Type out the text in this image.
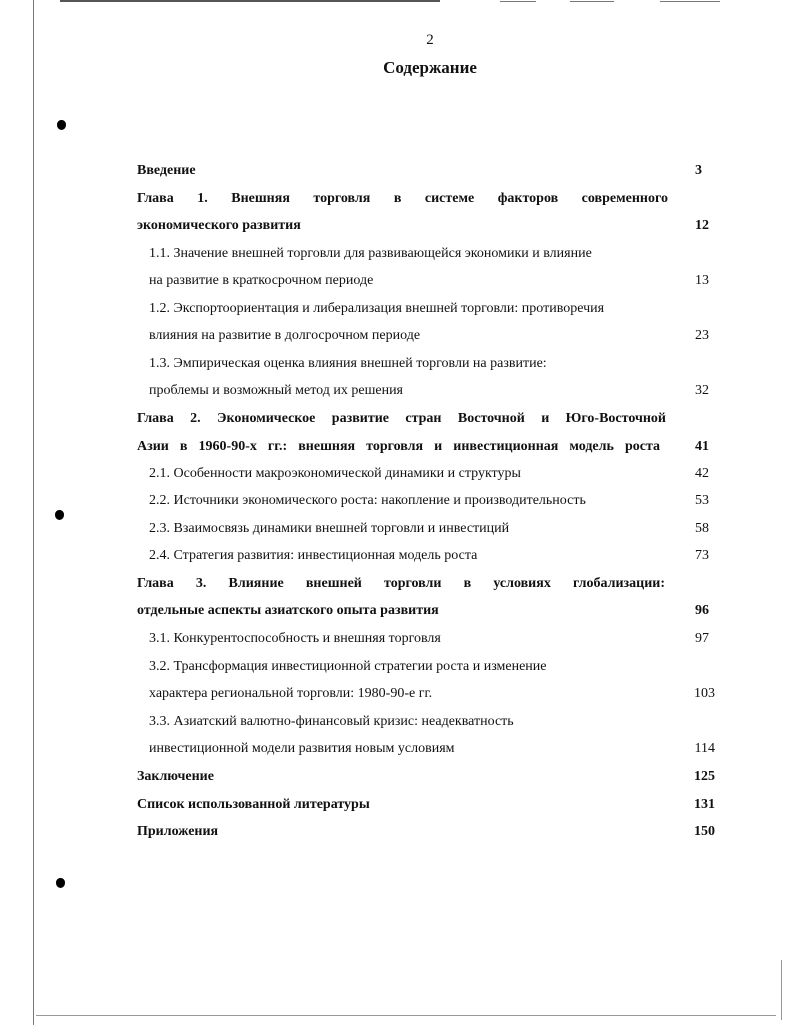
2
Содержание
Введение	3
Глава 1. Внешняя торговля в системе факторов современного
экономического развития	12
1.1. Значение внешней торговли для развивающейся экономики и влияние
на развитие в краткосрочном периоде	13
1.2. Экспортоориентация и либерализация внешней торговли: противоречия
влияния на развитие в долгосрочном периоде	23
1.3. Эмпирическая оценка влияния внешней торговли на развитие:
проблемы и возможный метод их решения	32
Глава 2. Экономическое развитие стран Восточной и Юго-Восточной
Азии в 1960-90-х гг.: внешняя торговля и инвестиционная модель роста	41
2.1. Особенности макроэкономической динамики и структуры	42
2.2. Источники экономического роста: накопление и производительность	53
2.3. Взаимосвязь динамики внешней торговли и инвестиций	58
2.4. Стратегия развития: инвестиционная модель роста	73
Глава 3. Влияние внешней торговли в условиях глобализации:
отдельные аспекты азиатского опыта развития	96
3.1. Конкурентоспособность и внешняя торговля	97
3.2. Трансформация инвестиционной стратегии роста и изменение
характера региональной торговли: 1980-90-е гг.	103
3.3. Азиатский валютно-финансовый кризис: неадекватность
инвестиционной модели развития новым условиям	114
Заключение	125
Список использованной литературы	131
Приложения	150
